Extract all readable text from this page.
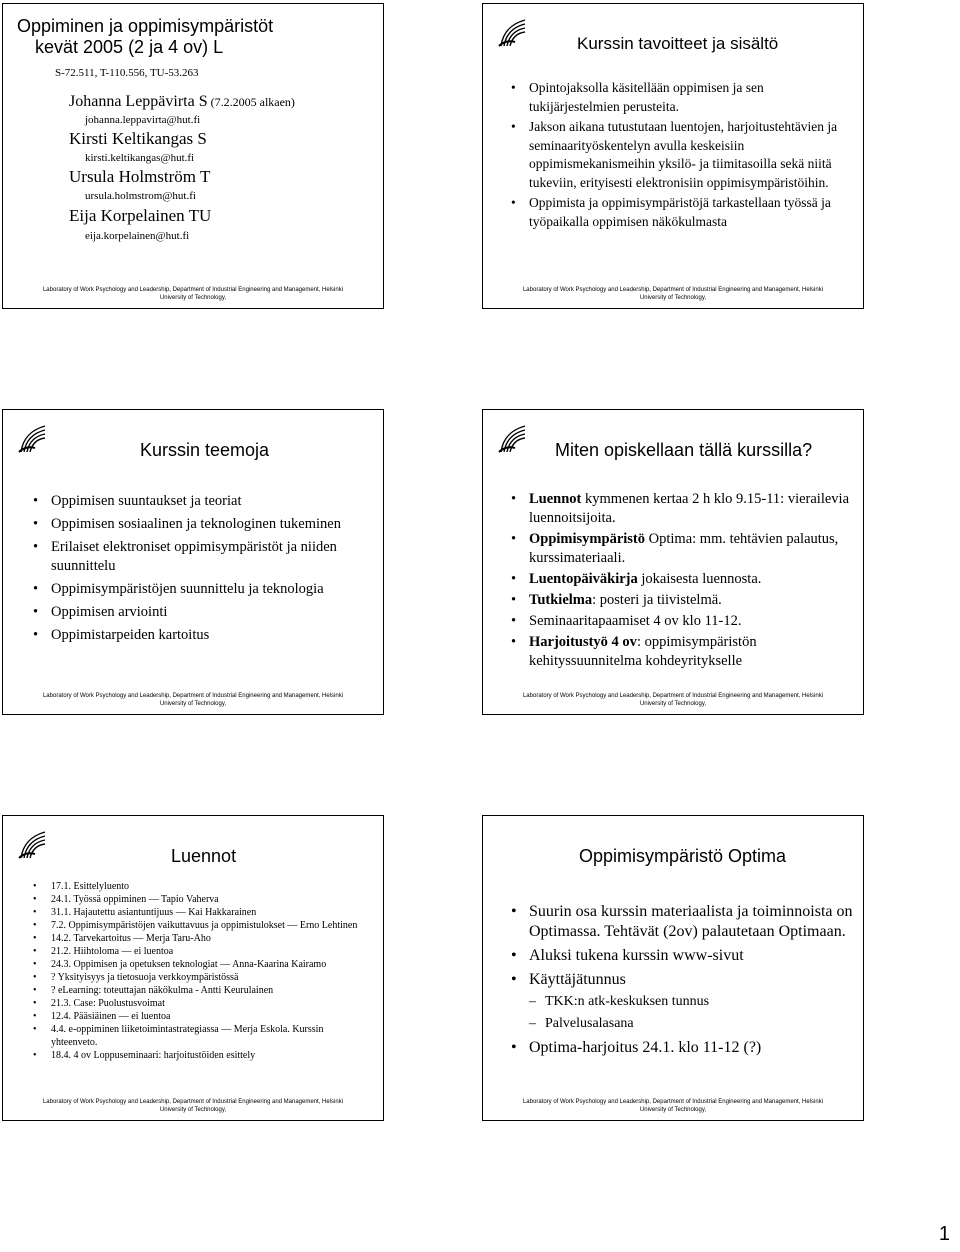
Oppiminen ja oppimisympäristöt
kevät 2005 (2 ja 4 ov) L
S-72.511, T-110.556, TU-53.263
Johanna Leppävirta S (7.2.2005 alkaen)
johanna.leppavirta@hut.fi
Kirsti Keltikangas S
kirsti.keltikangas@hut.fi
Ursula Holmström T
ursula.holmstrom@hut.fi
Eija Korpelainen TU
eija.korpelainen@hut.fi
Laboratory of Work Psychology and Leadership, Department of Industrial Engineering and Management, Helsinki
University of Technology,
Kurssin tavoitteet ja sisältö
• Opintojaksolla käsitellään oppimisen ja sen tukijärjestelmien perusteita.
• Jakson aikana tutustutaan luentojen, harjoitustehtävien ja seminaarityöskentelyn avulla keskeisiin oppimismekanismeihin yksilö- ja tiimitasoilla sekä niitä tukeviin, erityisesti elektronisiin oppimisympäristöihin.
• Oppimista ja oppimisympäristöjä tarkastellaan työssä ja työpaikalla oppimisen näkökulmasta
Laboratory of Work Psychology and Leadership, Department of Industrial Engineering and Management, Helsinki
University of Technology,
Kurssin teemoja
• Oppimisen suuntaukset ja teoriat
• Oppimisen sosiaalinen ja teknologinen tukeminen
• Erilaiset elektroniset oppimisympäristöt ja niiden suunnittelu
• Oppimisympäristöjen suunnittelu ja teknologia
• Oppimisen arviointi
• Oppimistarpeiden kartoitus
Laboratory of Work Psychology and Leadership, Department of Industrial Engineering and Management, Helsinki
University of Technology,
Miten opiskellaan tällä kurssilla?
• Luennot kymmenen kertaa 2 h klo 9.15-11: vierailevia luennoitsijoita.
• Oppimisympäristö Optima: mm. tehtävien palautus, kurssimateriaali.
• Luentopäiväkirja jokaisesta luennosta.
• Tutkielma: posteri ja tiivistelmä.
• Seminaaritapaamiset 4 ov klo 11-12.
• Harjoitustyö 4 ov: oppimisympäristön kehityssuunnitelma kohdeyritykselle
Laboratory of Work Psychology and Leadership, Department of Industrial Engineering and Management, Helsinki
University of Technology,
Luennot
• 17.1. Esittelyluento
• 24.1. Työssä oppiminen — Tapio Vaherva
• 31.1. Hajautettu asiantuntijuus — Kai Hakkarainen
• 7.2. Oppimisympäristöjen vaikuttavuus ja oppimistulokset — Erno Lehtinen
• 14.2. Tarvekartoitus — Merja Taru-Aho
• 21.2. Hiihtoloma — ei luentoa
• 24.3. Oppimisen ja opetuksen teknologiat — Anna-Kaarina Kairamo
• ? Yksityisyys ja tietosuoja verkkoympäristössä
• ? eLearning: toteuttajan näkökulma - Antti Keurulainen
• 21.3. Case: Puolustusvoimat
• 12.4. Pääsiäinen — ei luentoa
• 4.4. e-oppiminen liiketoimintastrategiassa — Merja Eskola. Kurssin yhteenveto.
• 18.4. 4 ov Loppuseminaari: harjoitustöiden esittely
Laboratory of Work Psychology and Leadership, Department of Industrial Engineering and Management, Helsinki
University of Technology,
Oppimisympäristö Optima
• Suurin osa kurssin materiaalista ja toiminnoista on Optimassa. Tehtävät (2ov) palautetaan Optimaan.
• Aluksi tukena kurssin www-sivut
• Käyttäjätunnus
– TKK:n atk-keskuksen tunnus
– Palvelusalasana
• Optima-harjoitus 24.1. klo 11-12 (?)
Laboratory of Work Psychology and Leadership, Department of Industrial Engineering and Management, Helsinki
University of Technology,
1
